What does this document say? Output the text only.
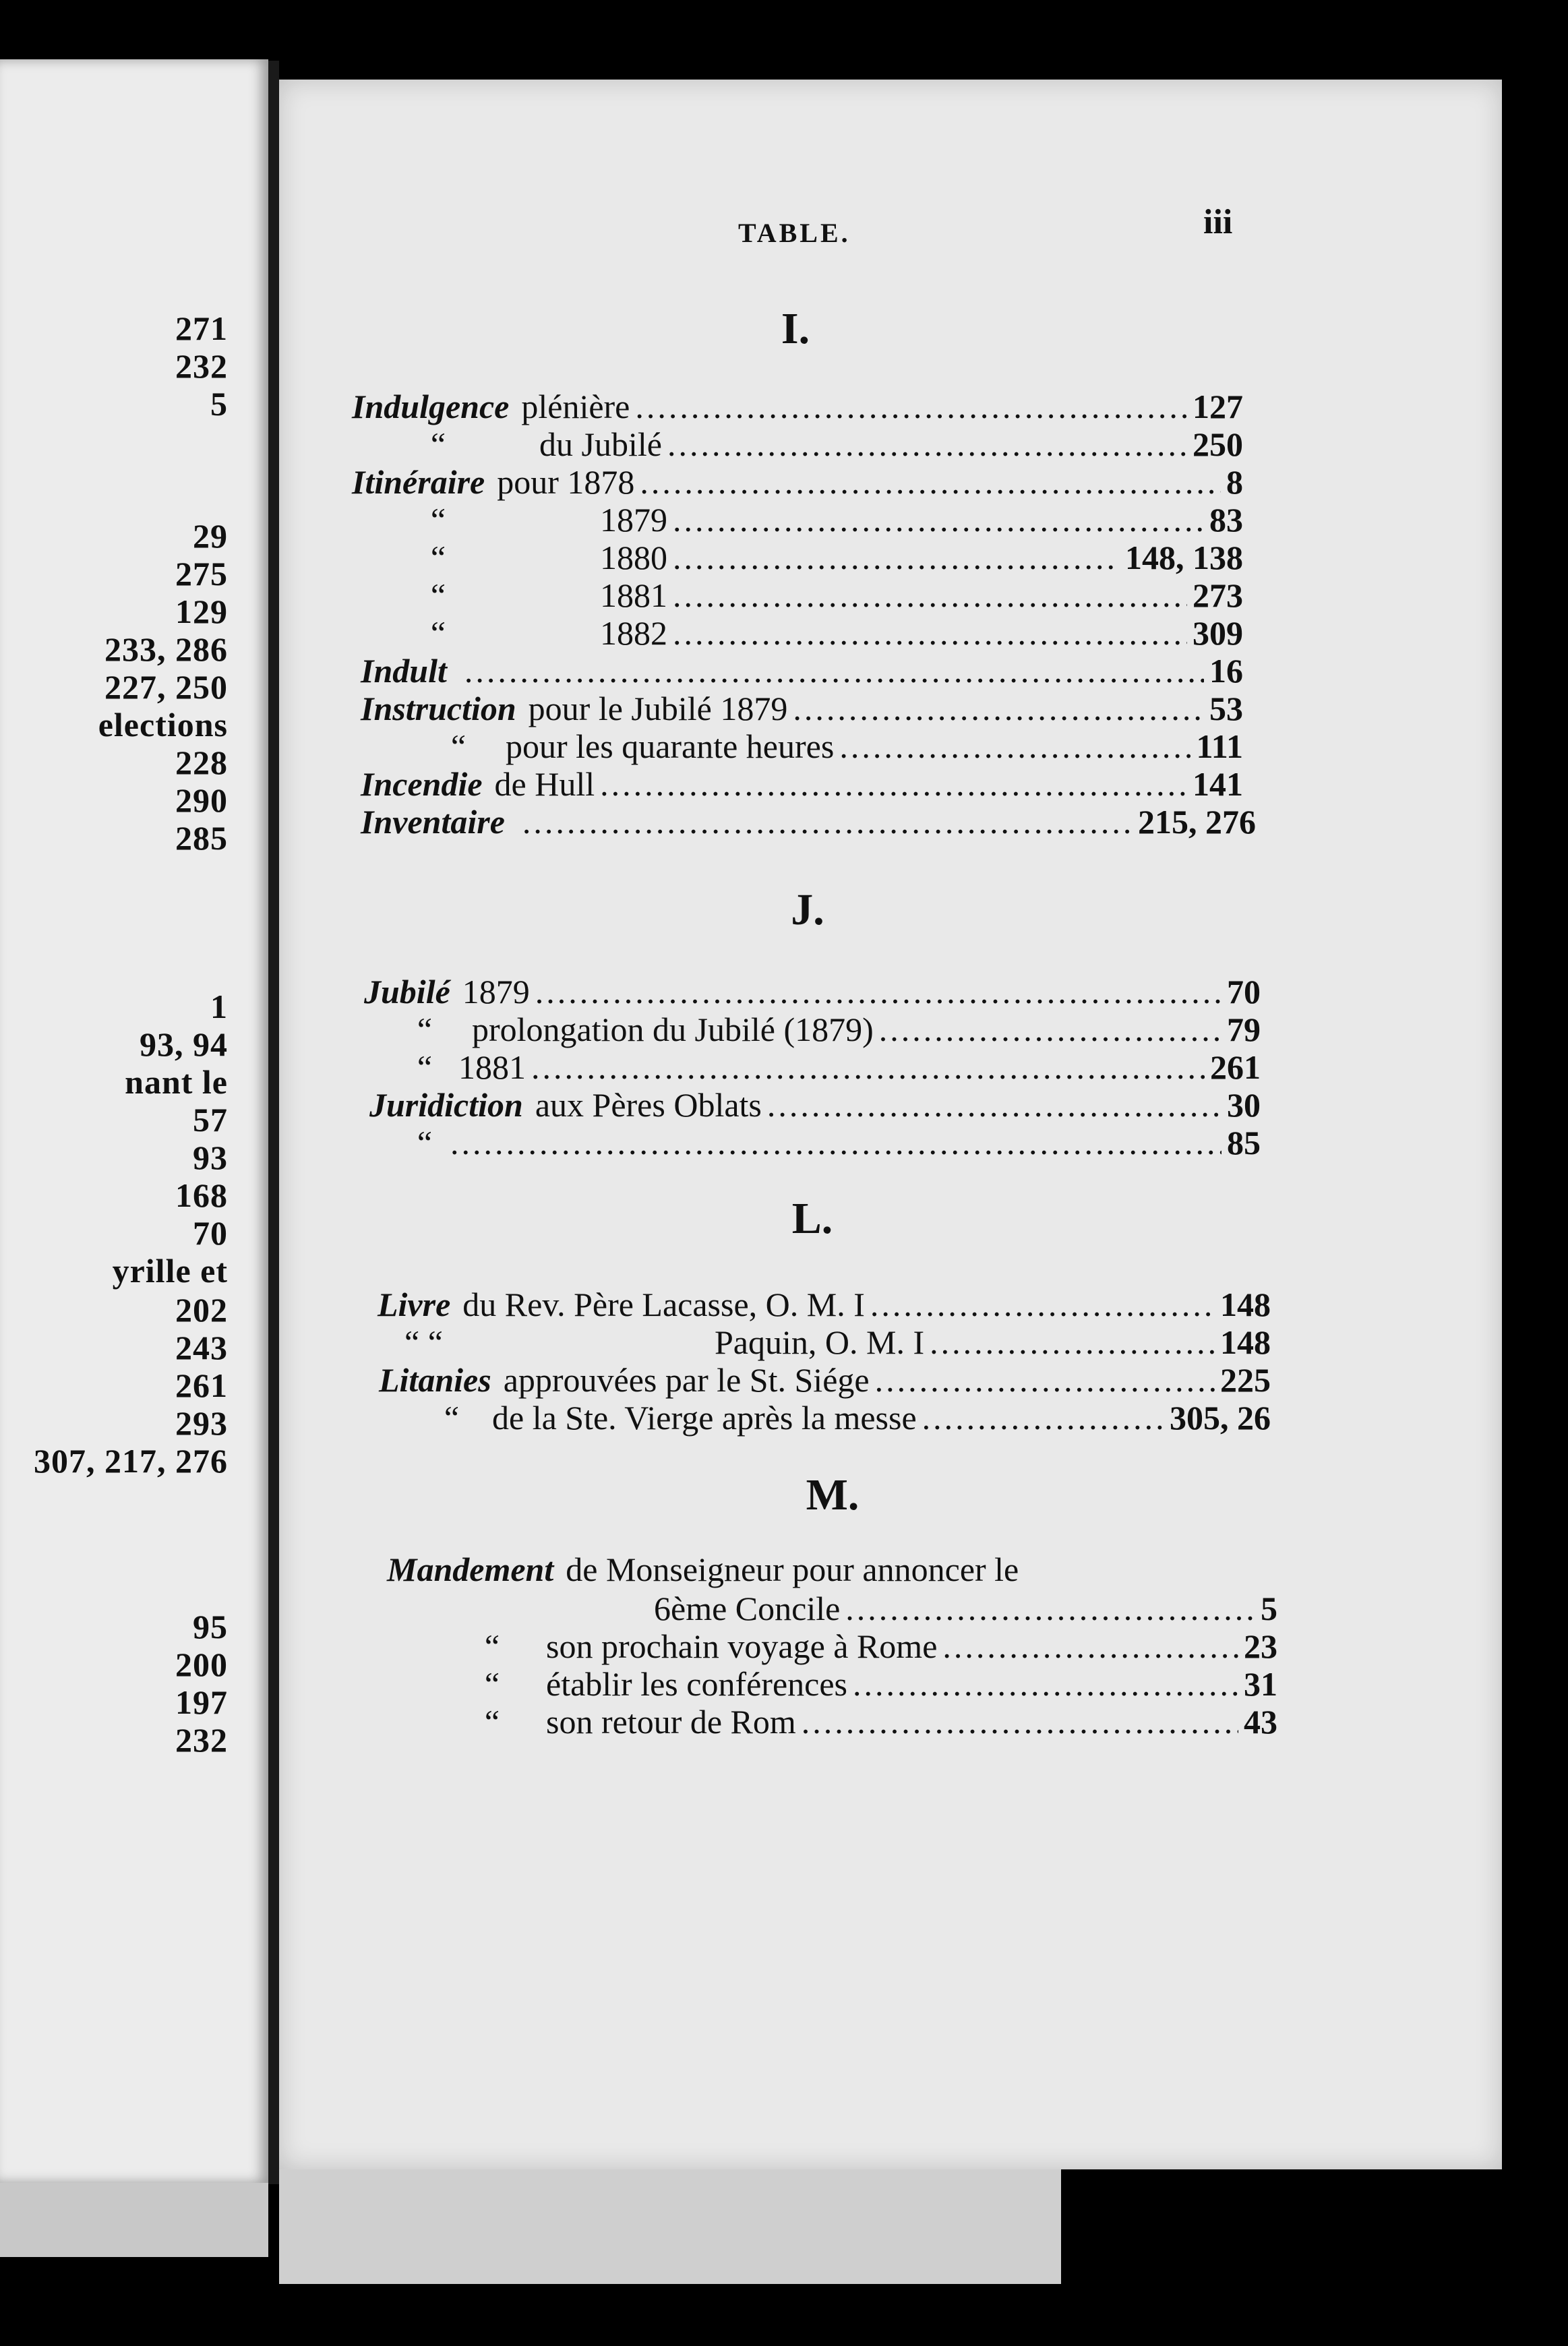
271
232
5
29
275
129
233, 286
227, 250
elections
228
290
285
1
93, 94
nant le
57
93
168
70
yrille et
202
243
261
293
307, 217, 276
95
200
197
232
TABLE.	iii
I.
Indulgence plénière .....	127
“	du Jubilé .....	250
Itinéraire pour 1878 .....	8
“	1879 .....	83
“	1880 .....	148, 138
“	1881 .....	273
“	1882 .....	309
Indult .....	16
Instruction pour le Jubilé 1879 .....	53
“	pour les quarante heures .....	111
Incendie de Hull .....	141
Inventaire .....	215, 276
J.
Jubilé 1879 .....	70
“	prolongation du Jubilé (1879) .....	79
“ 1881 .....	261
Juridiction aux Pères Oblats .....	30
“ .....	85
L.
Livre du Rev. Père Lacasse, O. M. I .....	148
“ “	Paquin, O. M. I .....	148
Litanies approuvées par le St. Siége .....	225
“ de la Ste. Vierge après la messe .....	305, 26
M.
Mandement de Monseigneur pour annoncer le
6ème Concile .....	5
“	son prochain voyage à Rome .....	23
“	établir les conférences .....	31
“	son retour de Rom .....	43
